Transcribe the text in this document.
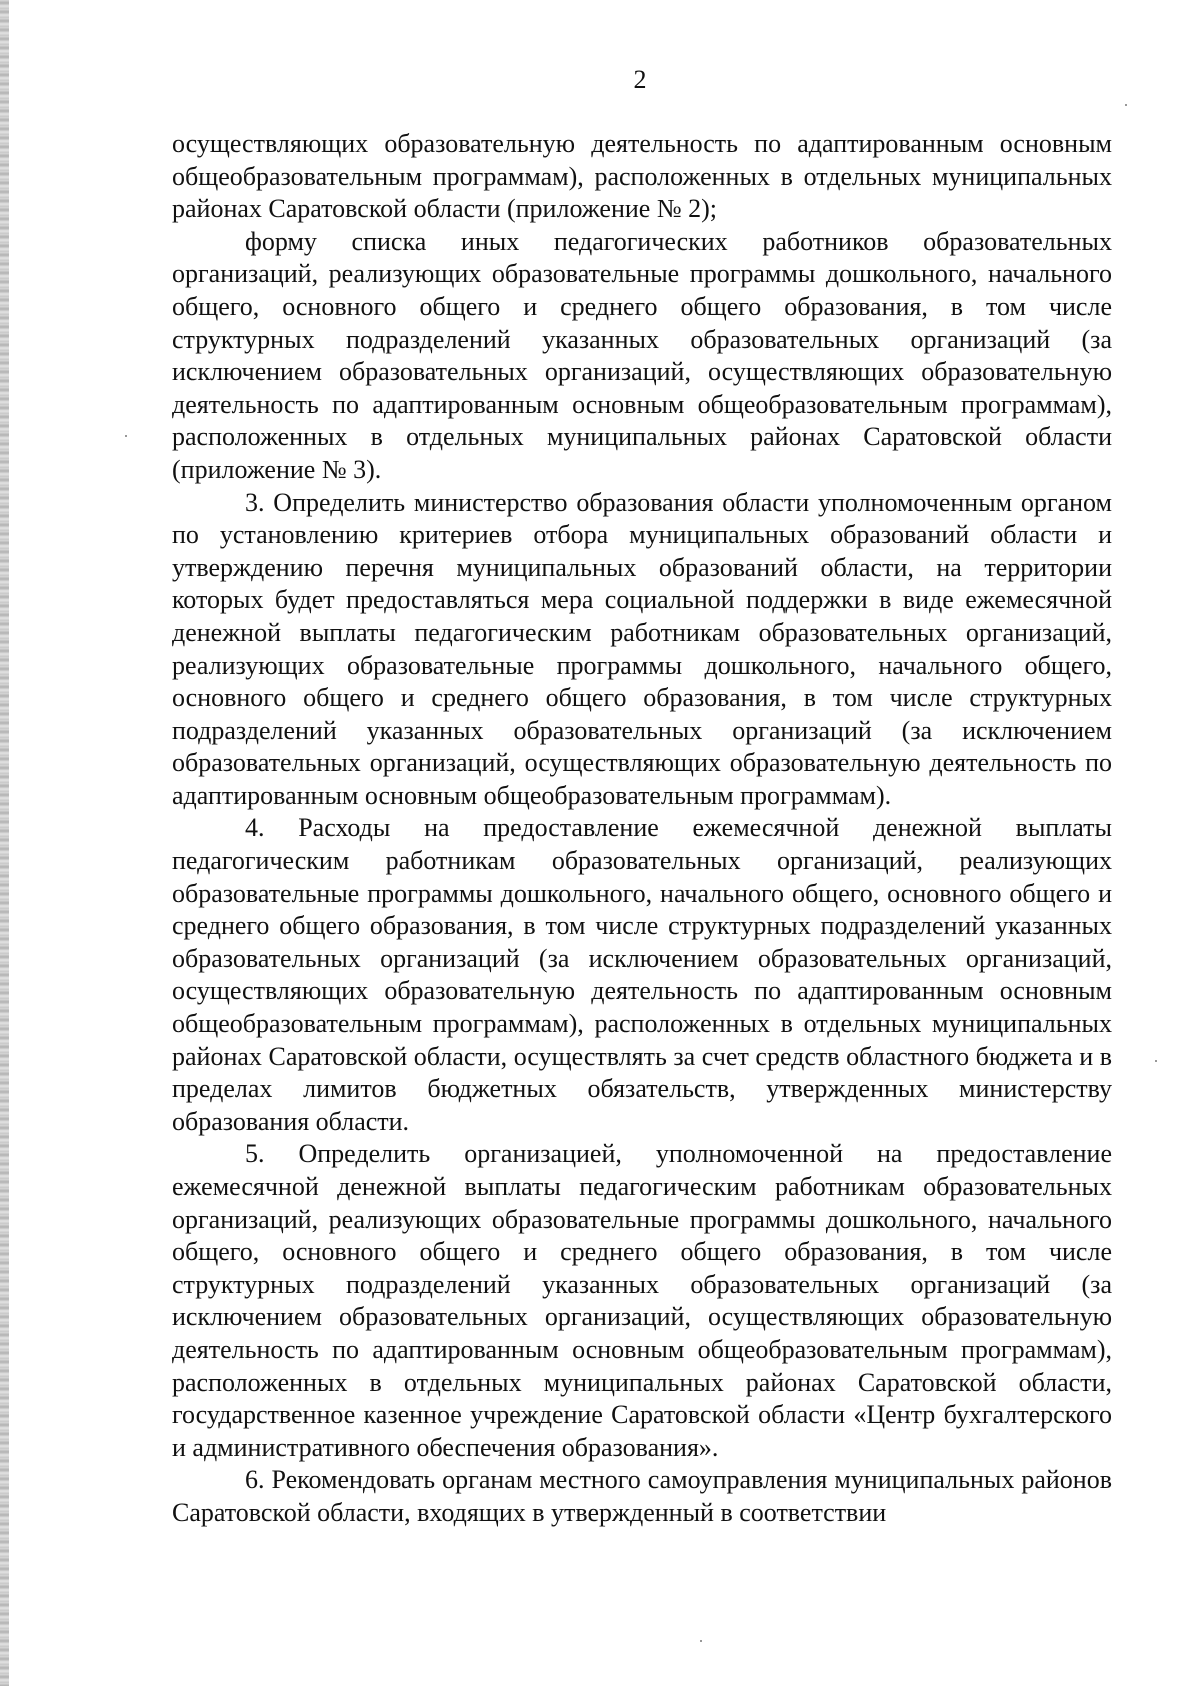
2

осуществляющих образовательную деятельность по адаптированным основным общеобразовательным программам), расположенных в отдельных муниципальных районах Саратовской области (приложение № 2);

форму списка иных педагогических работников образовательных организаций, реализующих образовательные программы дошкольного, начального общего, основного общего и среднего общего образования, в том числе структурных подразделений указанных образовательных организаций (за исключением образовательных организаций, осуществляющих образовательную деятельность по адаптированным основным общеобразовательным программам), расположенных в отдельных муниципальных районах Саратовской области (приложение № 3).

3. Определить министерство образования области уполномоченным органом по установлению критериев отбора муниципальных образований области и утверждению перечня муниципальных образований области, на территории которых будет предоставляться мера социальной поддержки в виде ежемесячной денежной выплаты педагогическим работникам образовательных организаций, реализующих образовательные программы дошкольного, начального общего, основного общего и среднего общего образования, в том числе структурных подразделений указанных образовательных организаций (за исключением образовательных организаций, осуществляющих образовательную деятельность по адаптированным основным общеобразовательным программам).

4. Расходы на предоставление ежемесячной денежной выплаты педагогическим работникам образовательных организаций, реализующих образовательные программы дошкольного, начального общего, основного общего и среднего общего образования, в том числе структурных подразделений указанных образовательных организаций (за исключением образовательных организаций, осуществляющих образовательную деятельность по адаптированным основным общеобразовательным программам), расположенных в отдельных муниципальных районах Саратовской области, осуществлять за счет средств областного бюджета и в пределах лимитов бюджетных обязательств, утвержденных министерству образования области.

5. Определить организацией, уполномоченной на предоставление ежемесячной денежной выплаты педагогическим работникам образовательных организаций, реализующих образовательные программы дошкольного, начального общего, основного общего и среднего общего образования, в том числе структурных подразделений указанных образовательных организаций (за исключением образовательных организаций, осуществляющих образовательную деятельность по адаптированным основным общеобразовательным программам), расположенных в отдельных муниципальных районах Саратовской области, государственное казенное учреждение Саратовской области «Центр бухгалтерского и административного обеспечения образования».

6. Рекомендовать органам местного самоуправления муниципальных районов Саратовской области, входящих в утвержденный в соответствии
